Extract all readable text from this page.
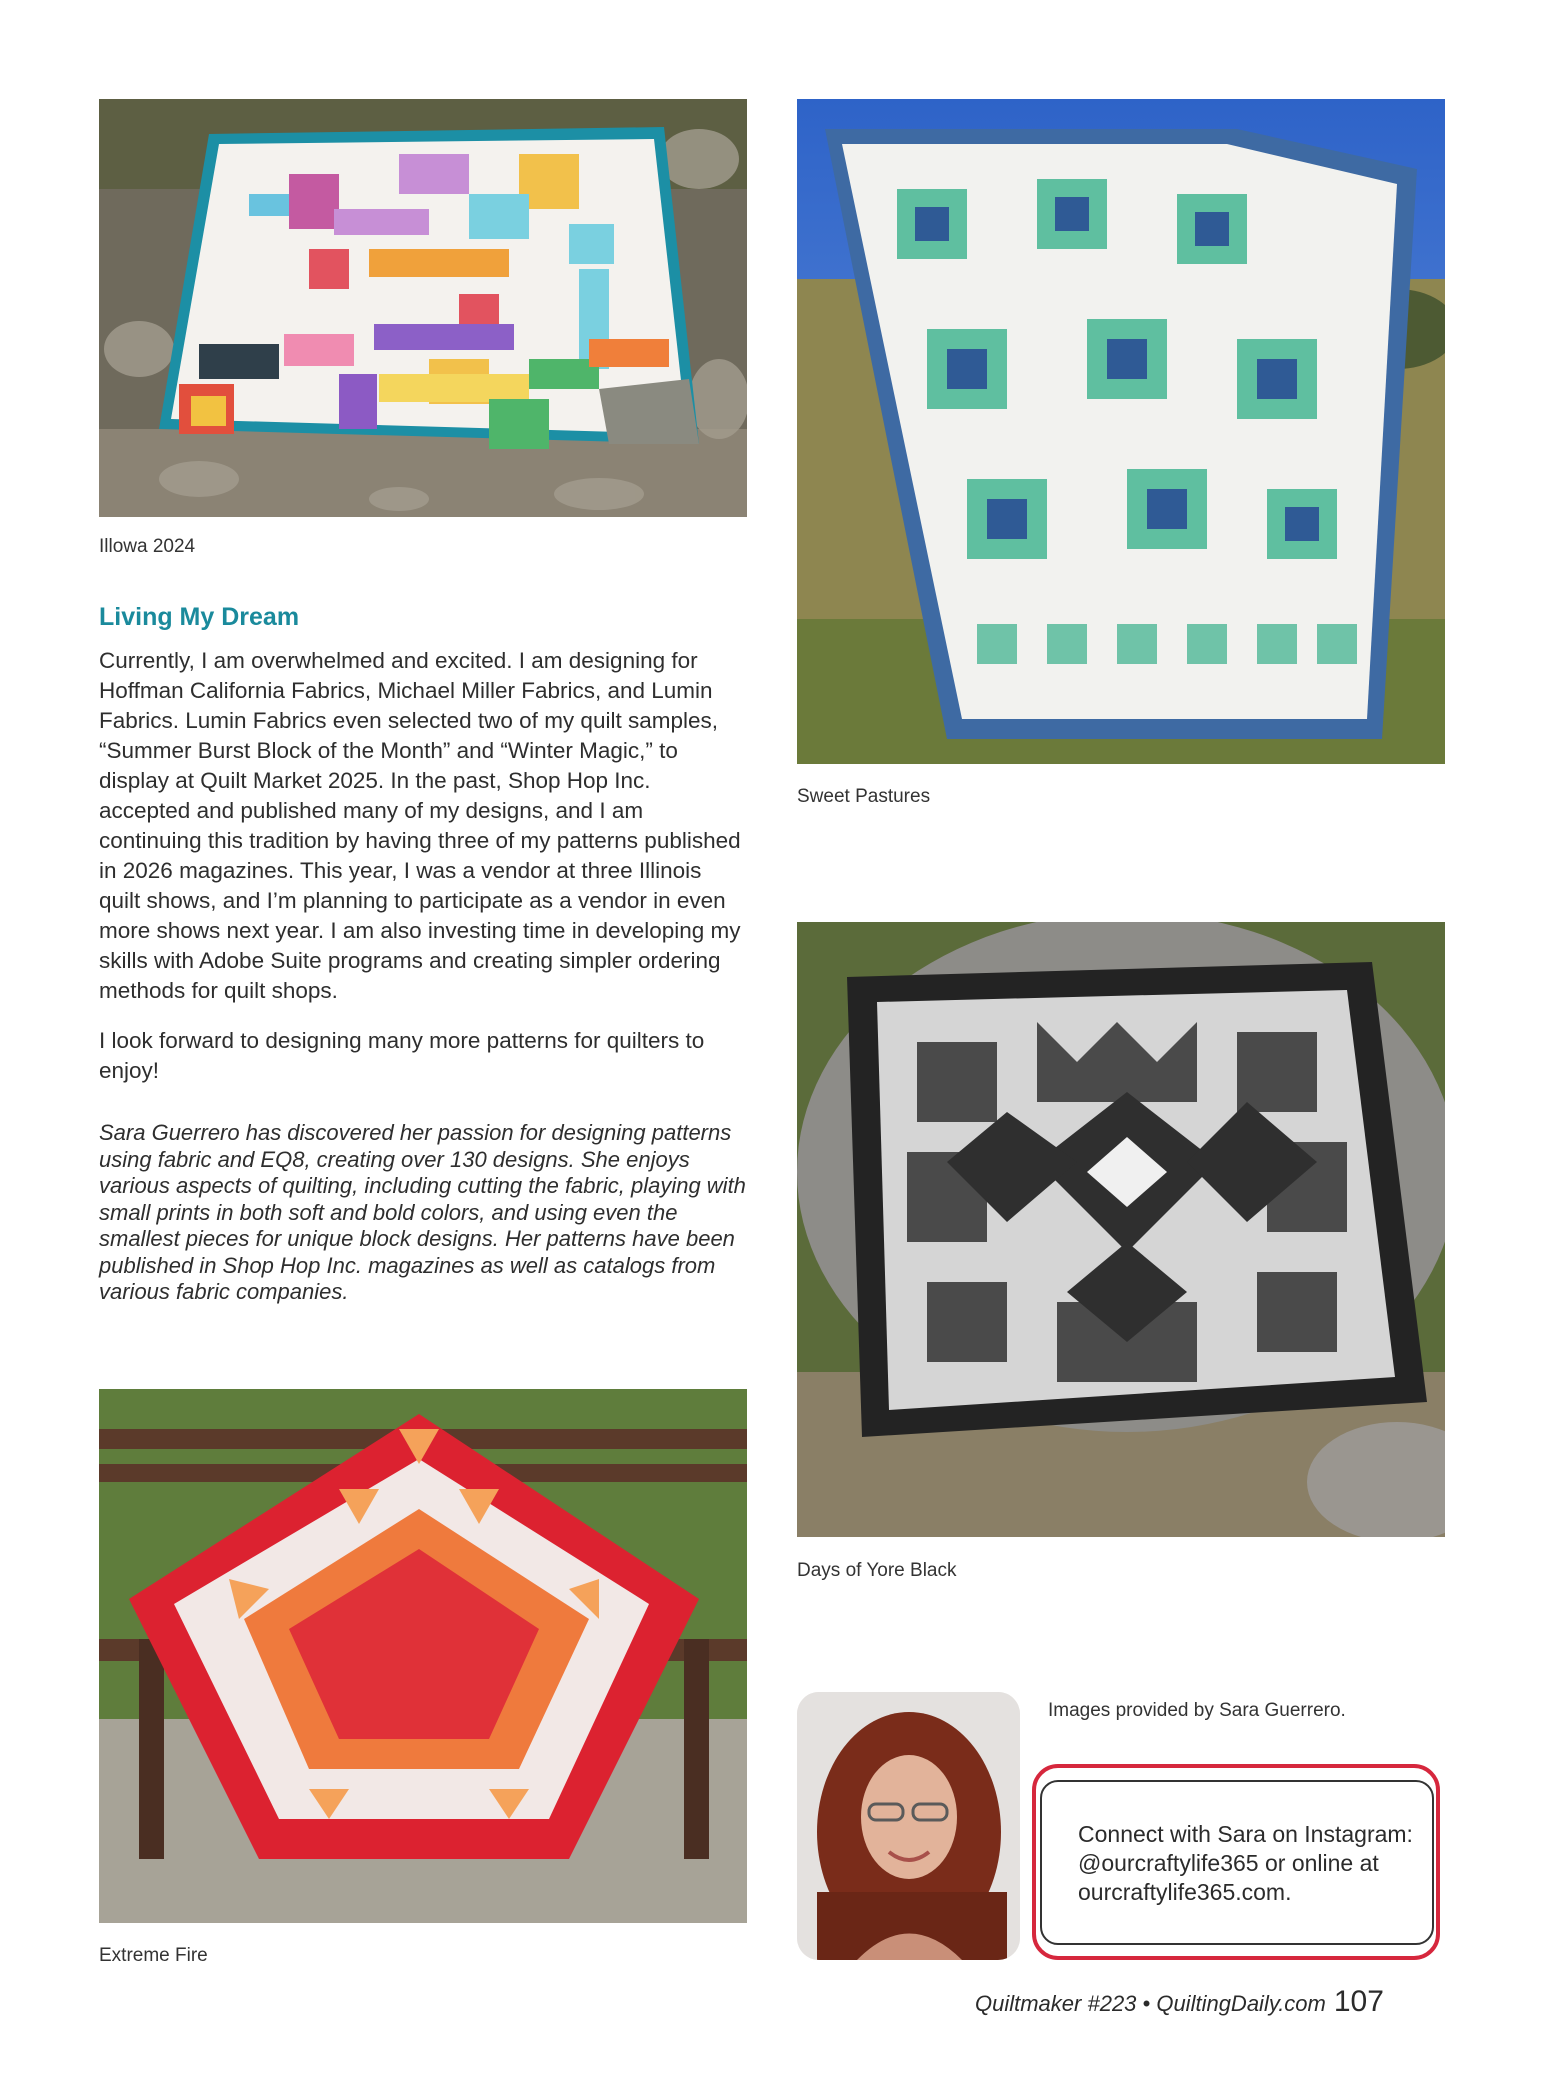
Illowa 2024
Sweet Pastures
Living My Dream

Currently, I am overwhelmed and excited. I am designing for Hoffman California Fabrics, Michael Miller Fabrics, and Lumin Fabrics. Lumin Fabrics even selected two of my quilt samples, “Summer Burst Block of the Month” and “Winter Magic,” to display at Quilt Market 2025. In the past, Shop Hop Inc. accepted and published many of my designs, and I am continuing this tradition by having three of my patterns published in 2026 magazines. This year, I was a vendor at three Illinois quilt shows, and I’m planning to participate as a vendor in even more shows next year. I am also investing time in developing my skills with Adobe Suite programs and creating simpler ordering methods for quilt shops.

I look forward to designing many more patterns for quilters to enjoy!

Sara Guerrero has discovered her passion for designing patterns using fabric and EQ8, creating over 130 designs. She enjoys various aspects of quilting, including cutting the fabric, playing with small prints in both soft and bold colors, and using even the smallest pieces for unique block designs. Her patterns have been published in Shop Hop Inc. magazines as well as catalogs from various fabric companies.
Days of Yore Black
Extreme Fire
Images provided by Sara Guerrero.
Connect with Sara on Instagram: @ourcraftylife365 or online at ourcraftylife365.com.
Quiltmaker #223 • QuiltingDaily.com 107
